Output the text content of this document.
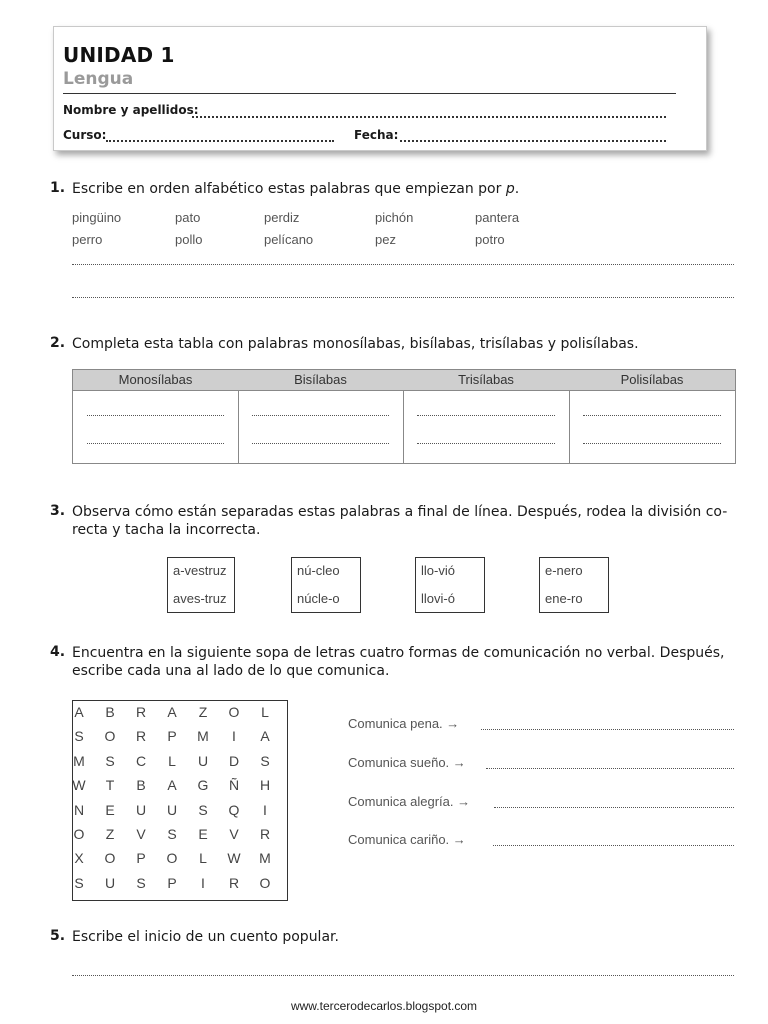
UNIDAD 1
Lengua
Nombre y apellidos:
Curso:	Fecha:
1. Escribe en orden alfabético estas palabras que empiezan por p.
pingüino	pato	perdiz	pichón	pantera
perro	pollo	pelícano	pez	potro
2. Completa esta tabla con palabras monosílabas, bisílabas, trisílabas y polisílabas.
Monosílabas	Bisílabas	Trisílabas	Polisílabas
3. Observa cómo están separadas estas palabras a final de línea. Después, rodea la división co-
recta y tacha la incorrecta.
a-vestruz
aves-truz
nú-cleo
núcle-o
llo-vió
llovi-ó
e-nero
ene-ro
4. Encuentra en la siguiente sopa de letras cuatro formas de comunicación no verbal. Después,
escribe cada una al lado de lo que comunica.
A	B	R	A	Z	O	L
S	O	R	P	M	I	A
M	S	C	L	U	D	S
W	T	B	A	G	Ñ	H
N	E	U	U	S	Q	I
O	Z	V	S	E	V	R
X	O	P	O	L	W	M
S	U	S	P	I	R	O
Comunica pena. →
Comunica sueño. →
Comunica alegría. →
Comunica cariño. →
5. Escribe el inicio de un cuento popular.
www.tercerodecarlos.blogspot.com
